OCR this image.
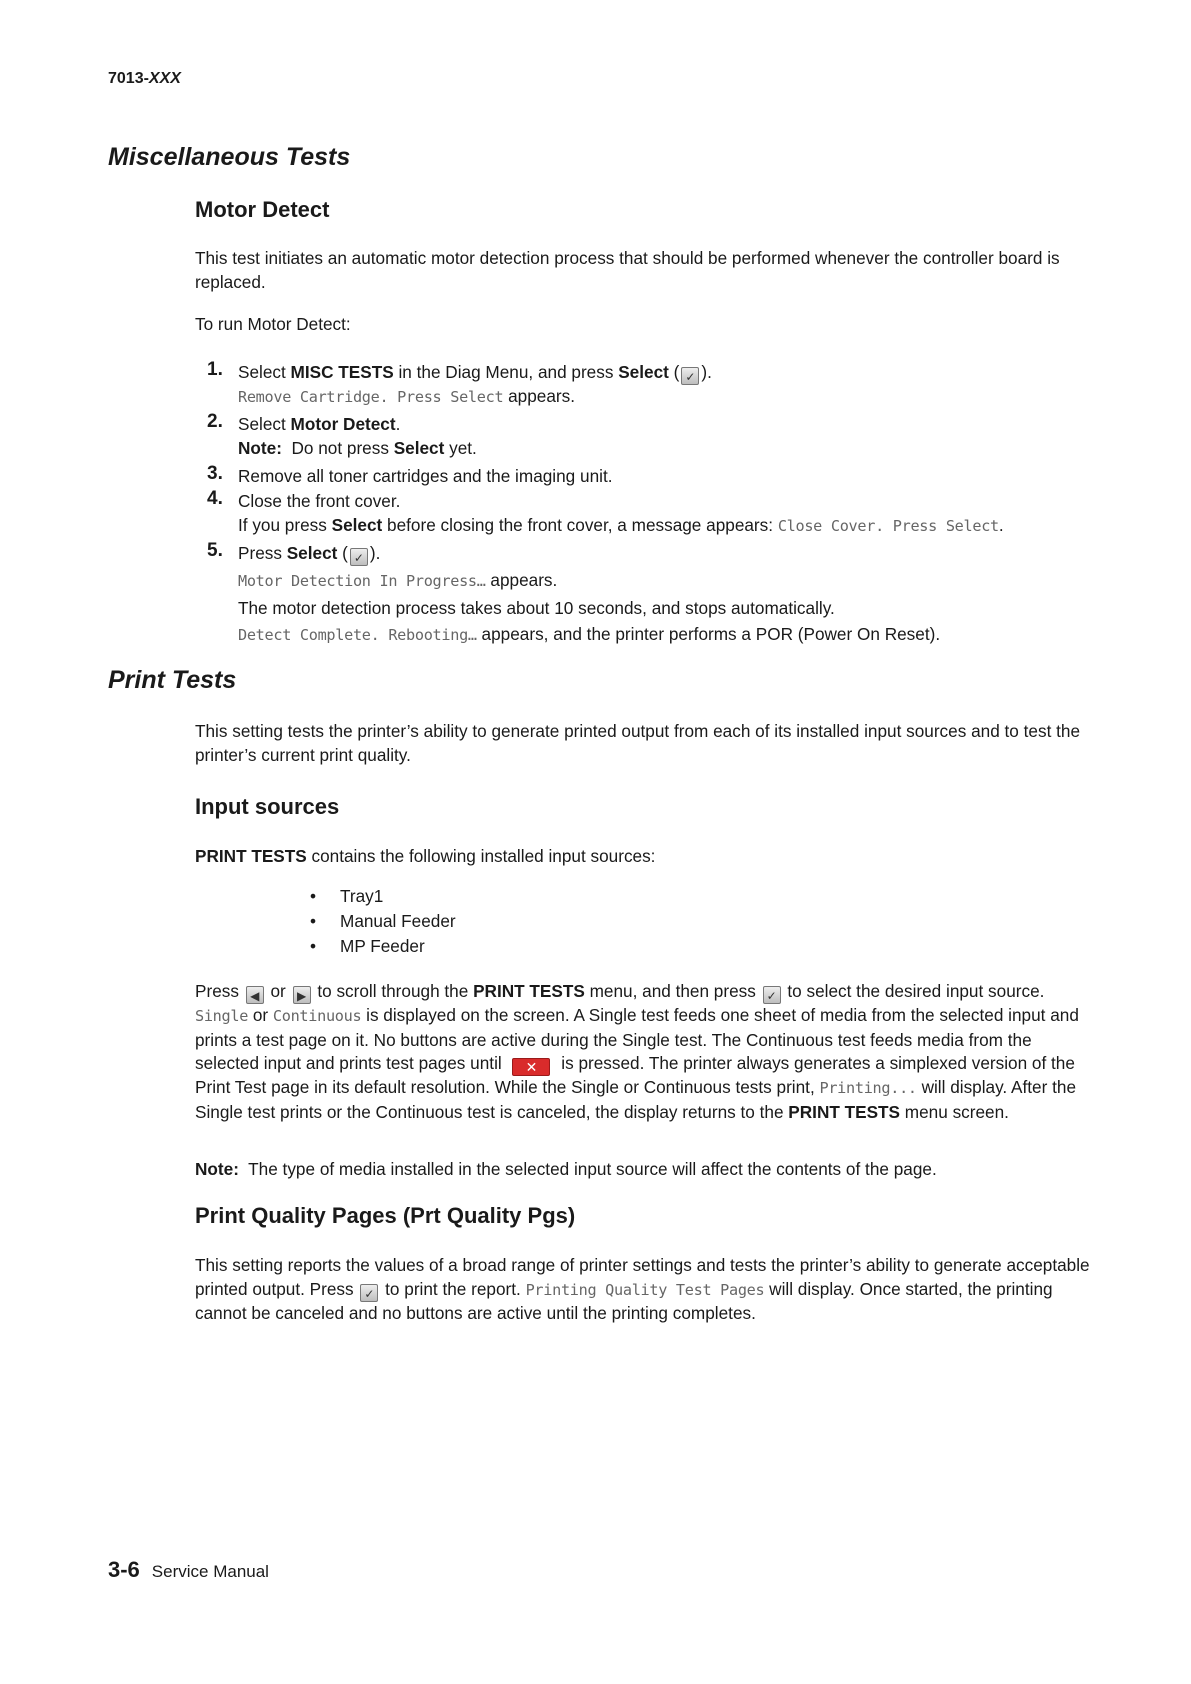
7013-XXX
Miscellaneous Tests
Motor Detect
This test initiates an automatic motor detection process that should be performed whenever the controller board is replaced.
To run Motor Detect:
1. Select MISC TESTS in the Diag Menu, and press Select ( ✓ ).
Remove Cartridge. Press Select appears.
2. Select Motor Detect.
Note:  Do not press Select yet.
3. Remove all toner cartridges and the imaging unit.
4. Close the front cover.
If you press Select before closing the front cover, a message appears: Close Cover. Press Select.
5. Press Select ( ✓ ).
Motor Detection In Progress… appears.
The motor detection process takes about 10 seconds, and stops automatically.
Detect Complete. Rebooting… appears, and the printer performs a POR (Power On Reset).
Print Tests
This setting tests the printer’s ability to generate printed output from each of its installed input sources and to test the printer’s current print quality.
Input sources
PRINT TESTS contains the following installed input sources:
• Tray1
• Manual Feeder
• MP Feeder
Press ◀ or ▶ to scroll through the PRINT TESTS menu, and then press ✓ to select the desired input source. Single or Continuous is displayed on the screen. A Single test feeds one sheet of media from the selected input and prints a test page on it. No buttons are active during the Single test. The Continuous test feeds media from the selected input and prints test pages until ✕ is pressed. The printer always generates a simplexed version of the Print Test page in its default resolution. While the Single or Continuous tests print, Printing... will display. After the Single test prints or the Continuous test is canceled, the display returns to the PRINT TESTS menu screen.
Note:  The type of media installed in the selected input source will affect the contents of the page.
Print Quality Pages (Prt Quality Pgs)
This setting reports the values of a broad range of printer settings and tests the printer’s ability to generate acceptable printed output. Press ✓ to print the report. Printing Quality Test Pages will display. Once started, the printing cannot be canceled and no buttons are active until the printing completes.
3-6 Service Manual
